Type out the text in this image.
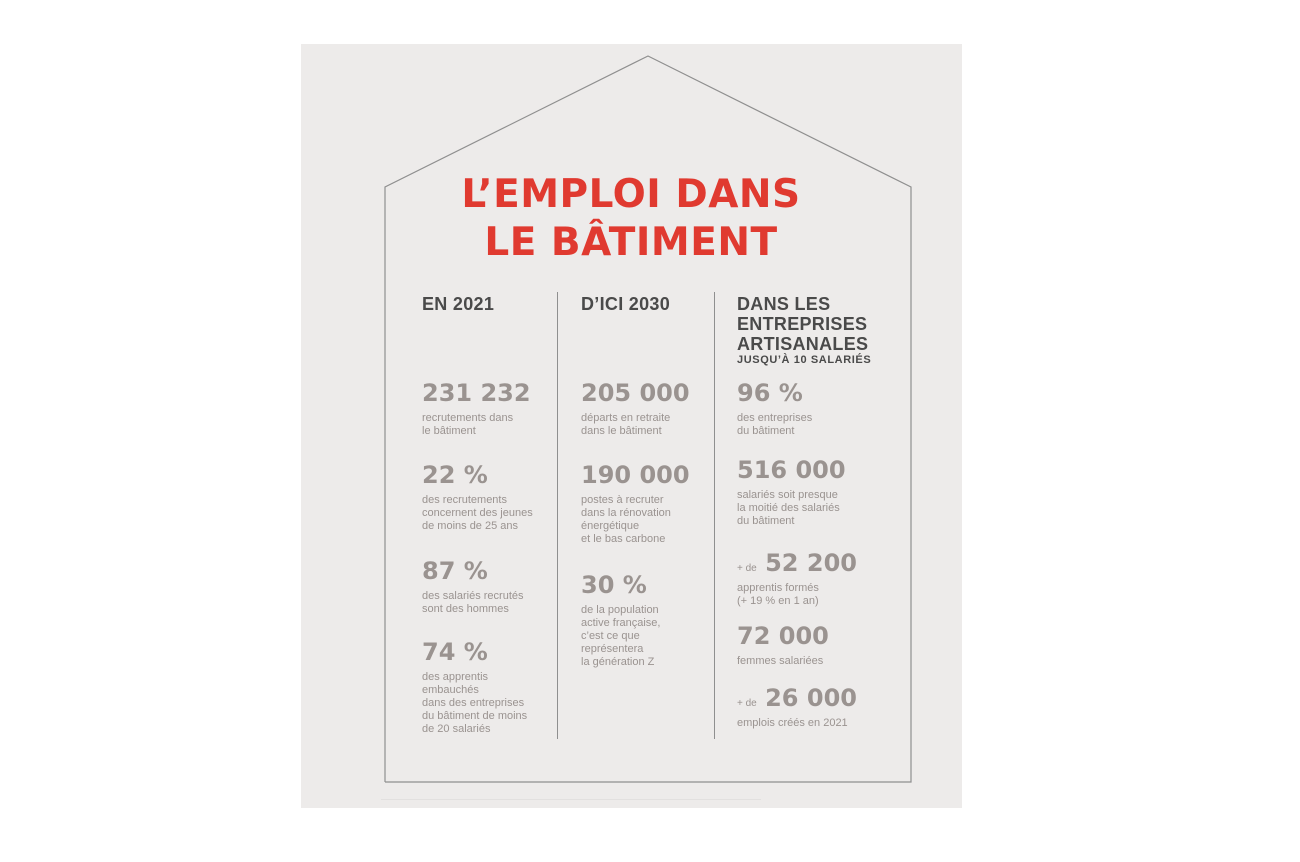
L’EMPLOI DANS
LE BÂTIMENT
EN 2021
231 232
recrutements dans
le bâtiment
22 %
des recrutements
concernent des jeunes
de moins de 25 ans
87 %
des salariés recrutés
sont des hommes
74 %
des apprentis
embauchés
dans des entreprises
du bâtiment de moins
de 20 salariés
D’ICI 2030
205 000
départs en retraite
dans le bâtiment
190 000
postes à recruter
dans la rénovation
énergétique
et le bas carbone
30 %
de la population
active française,
c’est ce que
représentera
la génération Z
DANS LES
ENTREPRISES
ARTISANALES
JUSQU’À 10 SALARIÉS
96 %
des entreprises
du bâtiment
516 000
salariés soit presque
la moitié des salariés
du bâtiment
+ de 52 200
apprentis formés
(+ 19 % en 1 an)
72 000
femmes salariées
+ de 26 000
emplois créés en 2021
